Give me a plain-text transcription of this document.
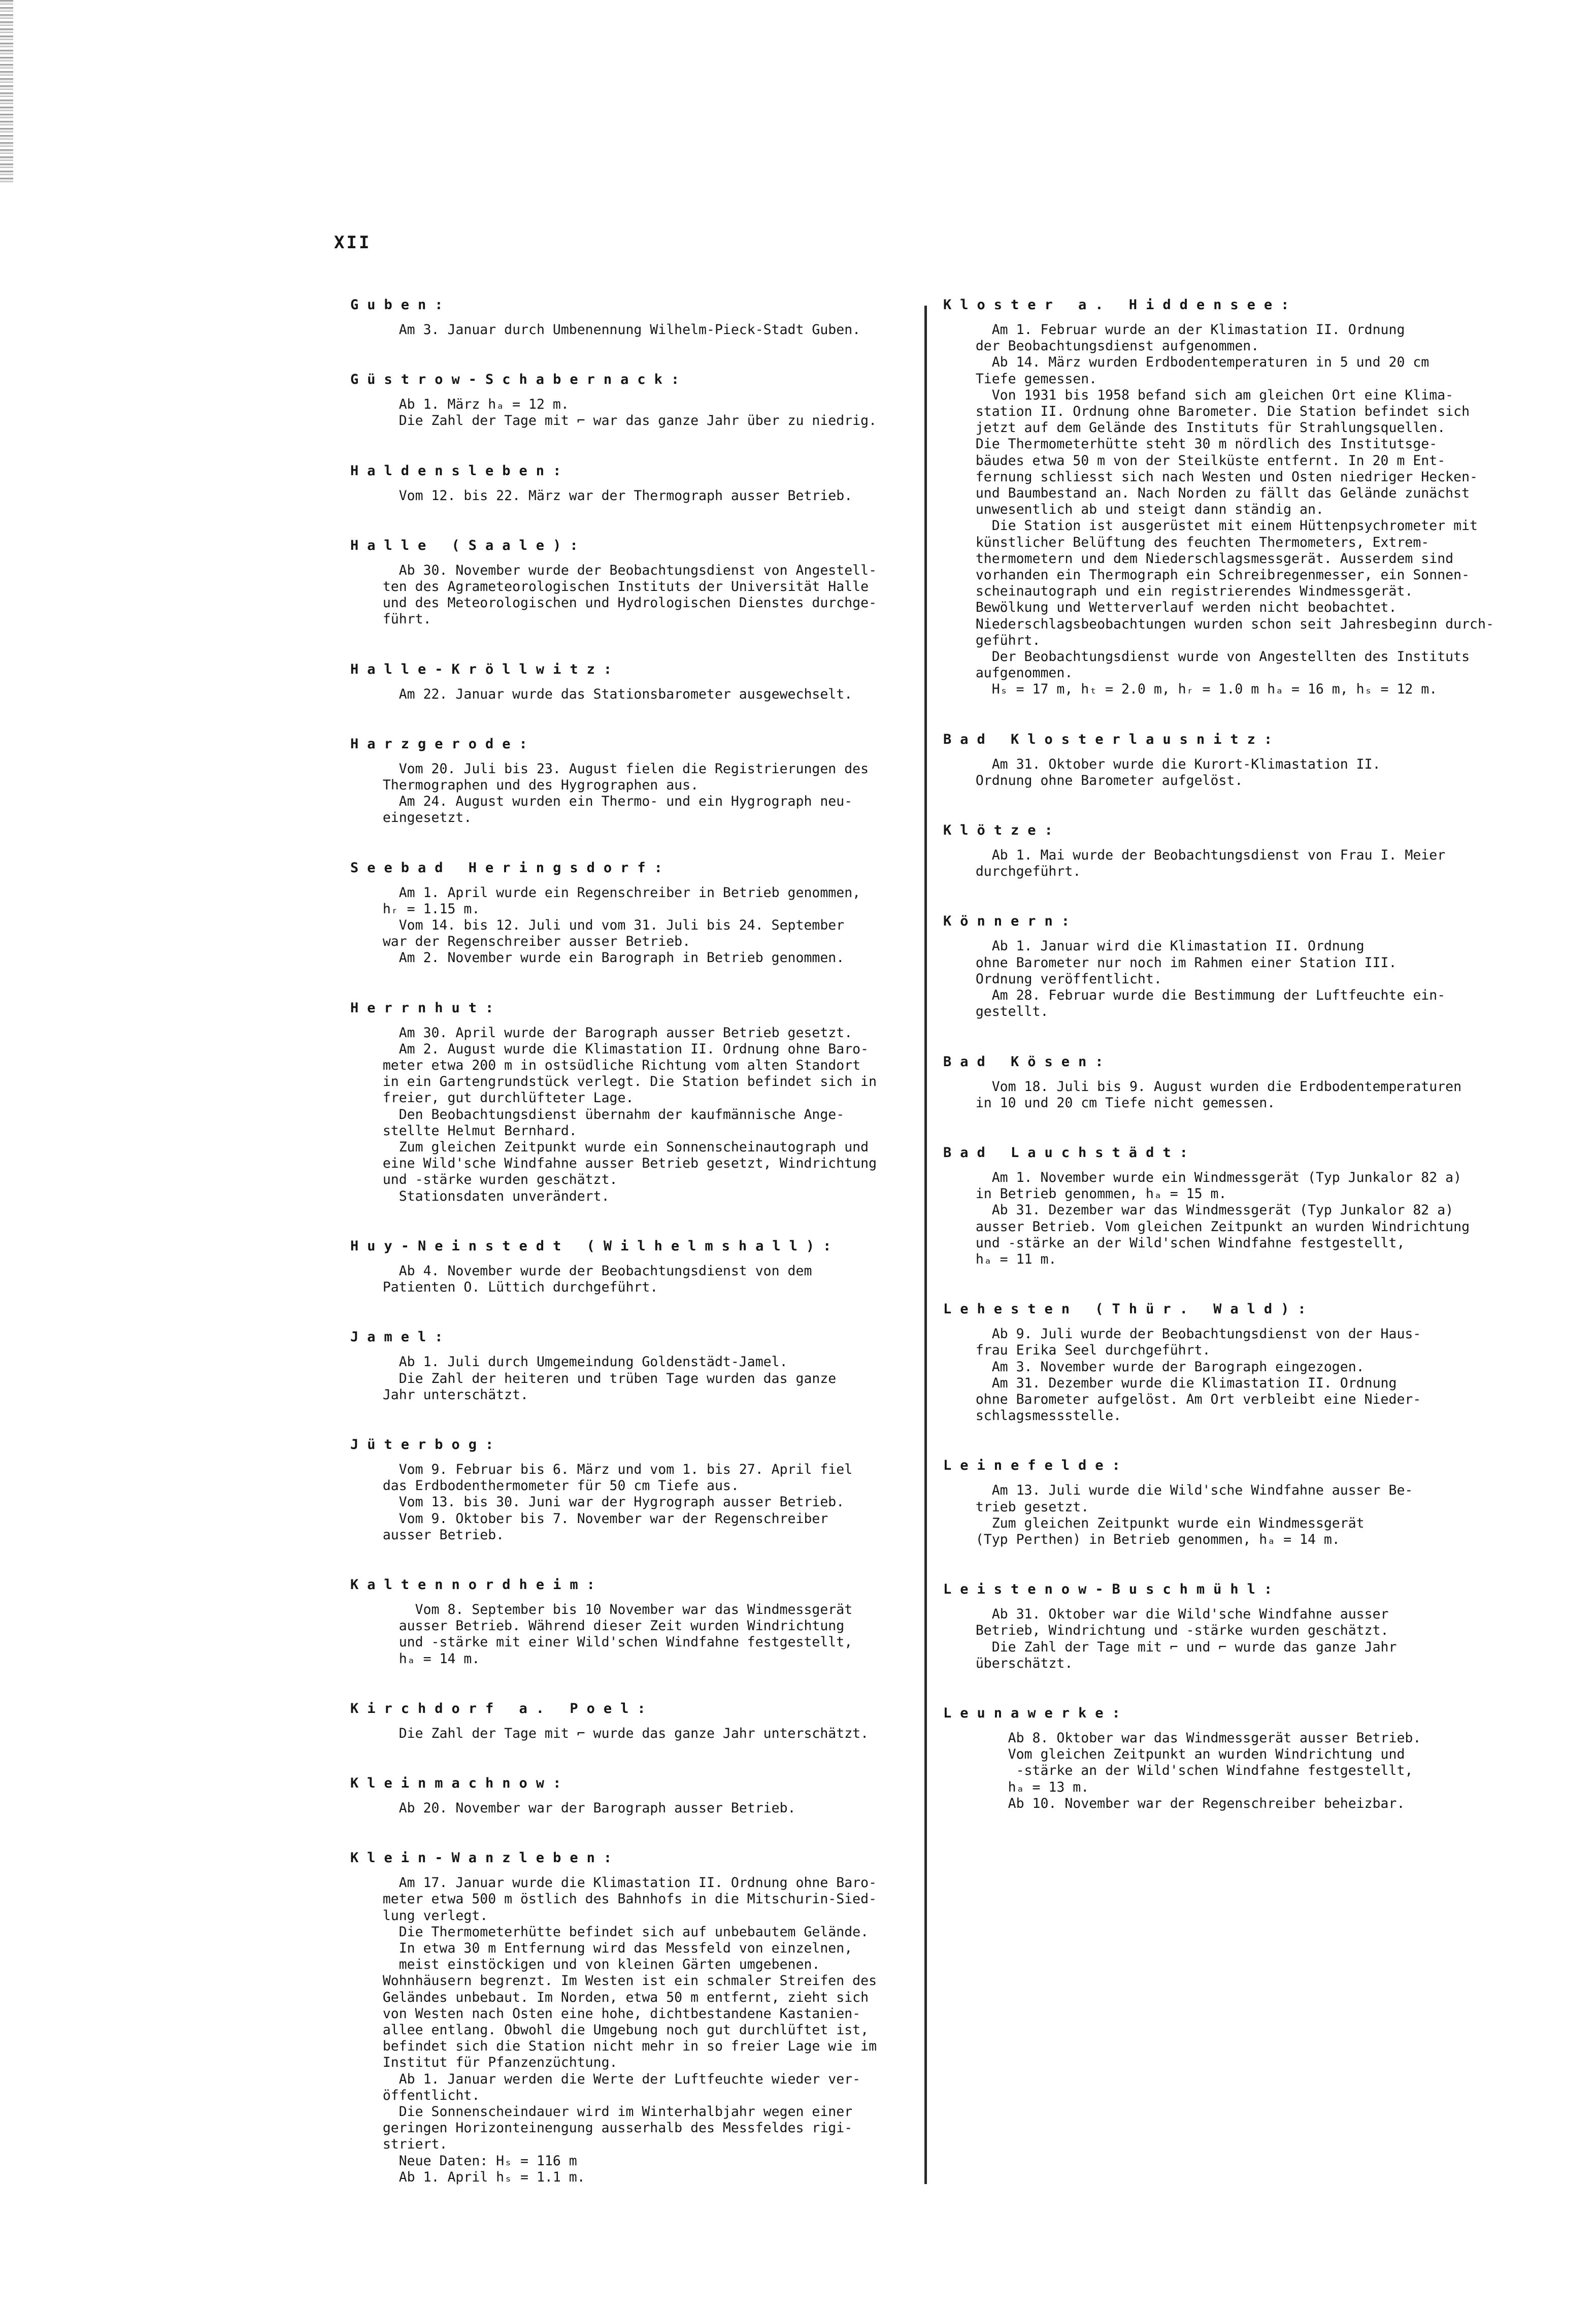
XII
Guben:
Am 3. Januar durch Umbenennung Wilhelm-Pieck-Stadt Guben.
Güstrow-Schabernack:
Ab 1. März hₐ = 12 m.
Die Zahl der Tage mit ⌐ war das ganze Jahr über zu niedrig.
Haldensleben:
Vom 12. bis 22. März war der Thermograph ausser Betrieb.
Halle (Saale):
Ab 30. November wurde der Beobachtungsdienst von Angestell-
ten des Agrameteorologischen Instituts der Universität Halle
und des Meteorologischen und Hydrologischen Dienstes durchge-
führt.
Halle-Kröllwitz:
Am 22. Januar wurde das Stationsbarometer ausgewechselt.
Harzgerode:
Vom 20. Juli bis 23. August fielen die Registrierungen des
Thermographen und des Hygrographen aus.
Am 24. August wurden ein Thermo- und ein Hygrograph neu-
eingesetzt.
Seebad Heringsdorf:
Am 1. April wurde ein Regenschreiber in Betrieb genommen,
hᵣ = 1.15 m.
Vom 14. bis 12. Juli und vom 31. Juli bis 24. September
war der Regenschreiber ausser Betrieb.
Am 2. November wurde ein Barograph in Betrieb genommen.
Herrnhut:
Am 30. April wurde der Barograph ausser Betrieb gesetzt.
Am 2. August wurde die Klimastation II. Ordnung ohne Baro-
meter etwa 200 m in ostsüdliche Richtung vom alten Standort
in ein Gartengrundstück verlegt. Die Station befindet sich in
freier, gut durchlüfteter Lage.
Den Beobachtungsdienst übernahm der kaufmännische Ange-
stellte Helmut Bernhard.
Zum gleichen Zeitpunkt wurde ein Sonnenscheinautograph und
eine Wild'sche Windfahne ausser Betrieb gesetzt, Windrichtung
und -stärke wurden geschätzt.
Stationsdaten unverändert.
Huy-Neinstedt (Wilhelmshall):
Ab 4. November wurde der Beobachtungsdienst von dem
Patienten O. Lüttich durchgeführt.
Jamel:
Ab 1. Juli durch Umgemeindung Goldenstädt-Jamel.
Die Zahl der heiteren und trüben Tage wurden das ganze
Jahr unterschätzt.
Jüterbog:
Vom 9. Februar bis 6. März und vom 1. bis 27. April fiel
das Erdbodenthermometer für 50 cm Tiefe aus.
Vom 13. bis 30. Juni war der Hygrograph ausser Betrieb.
Vom 9. Oktober bis 7. November war der Regenschreiber
ausser Betrieb.
Kaltennordheim:
Vom 8. September bis 10 November war das Windmessgerät
ausser Betrieb. Während dieser Zeit wurden Windrichtung
und -stärke mit einer Wild'schen Windfahne festgestellt,
hₐ = 14 m.
Kirchdorf a. Poel:
Die Zahl der Tage mit ⌐ wurde das ganze Jahr unterschätzt.
Kleinmachnow:
Ab 20. November war der Barograph ausser Betrieb.
Klein-Wanzleben:
Am 17. Januar wurde die Klimastation II. Ordnung ohne Baro-
meter etwa 500 m östlich des Bahnhofs in die Mitschurin-Sied-
lung verlegt.
Die Thermometerhütte befindet sich auf unbebautem Gelände.
In etwa 30 m Entfernung wird das Messfeld von einzelnen,
meist einstöckigen und von kleinen Gärten umgebenen.
Wohnhäusern begrenzt. Im Westen ist ein schmaler Streifen des
Geländes unbebaut. Im Norden, etwa 50 m entfernt, zieht sich
von Westen nach Osten eine hohe, dichtbestandene Kastanien-
allee entlang. Obwohl die Umgebung noch gut durchlüftet ist,
befindet sich die Station nicht mehr in so freier Lage wie im
Institut für Pfanzenzüchtung.
Ab 1. Januar werden die Werte der Luftfeuchte wieder ver-
öffentlicht.
Die Sonnenscheindauer wird im Winterhalbjahr wegen einer
geringen Horizonteinengung ausserhalb des Messfeldes rigi-
striert.
Neue Daten: Hₛ = 116 m
Ab 1. April hₛ = 1.1 m.
Kloster a. Hiddensee:
Am 1. Februar wurde an der Klimastation II. Ordnung
der Beobachtungsdienst aufgenommen.
Ab 14. März wurden Erdbodentemperaturen in 5 und 20 cm
Tiefe gemessen.
Von 1931 bis 1958 befand sich am gleichen Ort eine Klima-
station II. Ordnung ohne Barometer. Die Station befindet sich
jetzt auf dem Gelände des Instituts für Strahlungsquellen.
Die Thermometerhütte steht 30 m nördlich des Institutsge-
bäudes etwa 50 m von der Steilküste entfernt. In 20 m Ent-
fernung schliesst sich nach Westen und Osten niedriger Hecken-
und Baumbestand an. Nach Norden zu fällt das Gelände zunächst
unwesentlich ab und steigt dann ständig an.
Die Station ist ausgerüstet mit einem Hüttenpsychrometer mit
künstlicher Belüftung des feuchten Thermometers, Extrem-
thermometern und dem Niederschlagsmessgerät. Ausserdem sind
vorhanden ein Thermograph ein Schreibregenmesser, ein Sonnen-
scheinautograph und ein registrierendes Windmessgerät.
Bewölkung und Wetterverlauf werden nicht beobachtet.
Niederschlagsbeobachtungen wurden schon seit Jahresbeginn durch-
geführt.
Der Beobachtungsdienst wurde von Angestellten des Instituts
aufgenommen.
Hₛ = 17 m, hₜ = 2.0 m, hᵣ = 1.0 m hₐ = 16 m, hₛ = 12 m.
Bad Klosterlausnitz:
Am 31. Oktober wurde die Kurort-Klimastation II.
Ordnung ohne Barometer aufgelöst.
Klötze:
Ab 1. Mai wurde der Beobachtungsdienst von Frau I. Meier
durchgeführt.
Könnern:
Ab 1. Januar wird die Klimastation II. Ordnung
ohne Barometer nur noch im Rahmen einer Station III.
Ordnung veröffentlicht.
Am 28. Februar wurde die Bestimmung der Luftfeuchte ein-
gestellt.
Bad Kösen:
Vom 18. Juli bis 9. August wurden die Erdbodentemperaturen
in 10 und 20 cm Tiefe nicht gemessen.
Bad Lauchstädt:
Am 1. November wurde ein Windmessgerät (Typ Junkalor 82 a)
in Betrieb genommen, hₐ = 15 m.
Ab 31. Dezember war das Windmessgerät (Typ Junkalor 82 a)
ausser Betrieb. Vom gleichen Zeitpunkt an wurden Windrichtung
und -stärke an der Wild'schen Windfahne festgestellt,
hₐ = 11 m.
Lehesten (Thür. Wald):
Ab 9. Juli wurde der Beobachtungsdienst von der Haus-
frau Erika Seel durchgeführt.
Am 3. November wurde der Barograph eingezogen.
Am 31. Dezember wurde die Klimastation II. Ordnung
ohne Barometer aufgelöst. Am Ort verbleibt eine Nieder-
schlagsmessstelle.
Leinefelde:
Am 13. Juli wurde die Wild'sche Windfahne ausser Be-
trieb gesetzt.
Zum gleichen Zeitpunkt wurde ein Windmessgerät
(Typ Perthen) in Betrieb genommen, hₐ = 14 m.
Leistenow-Buschmühl:
Ab 31. Oktober war die Wild'sche Windfahne ausser
Betrieb, Windrichtung und -stärke wurden geschätzt.
Die Zahl der Tage mit ⌐ und ⌐ wurde das ganze Jahr
überschätzt.
Leunawerke:
Ab 8. Oktober war das Windmessgerät ausser Betrieb.
Vom gleichen Zeitpunkt an wurden Windrichtung und
-stärke an der Wild'schen Windfahne festgestellt,
hₐ = 13 m.
Ab 10. November war der Regenschreiber beheizbar.
